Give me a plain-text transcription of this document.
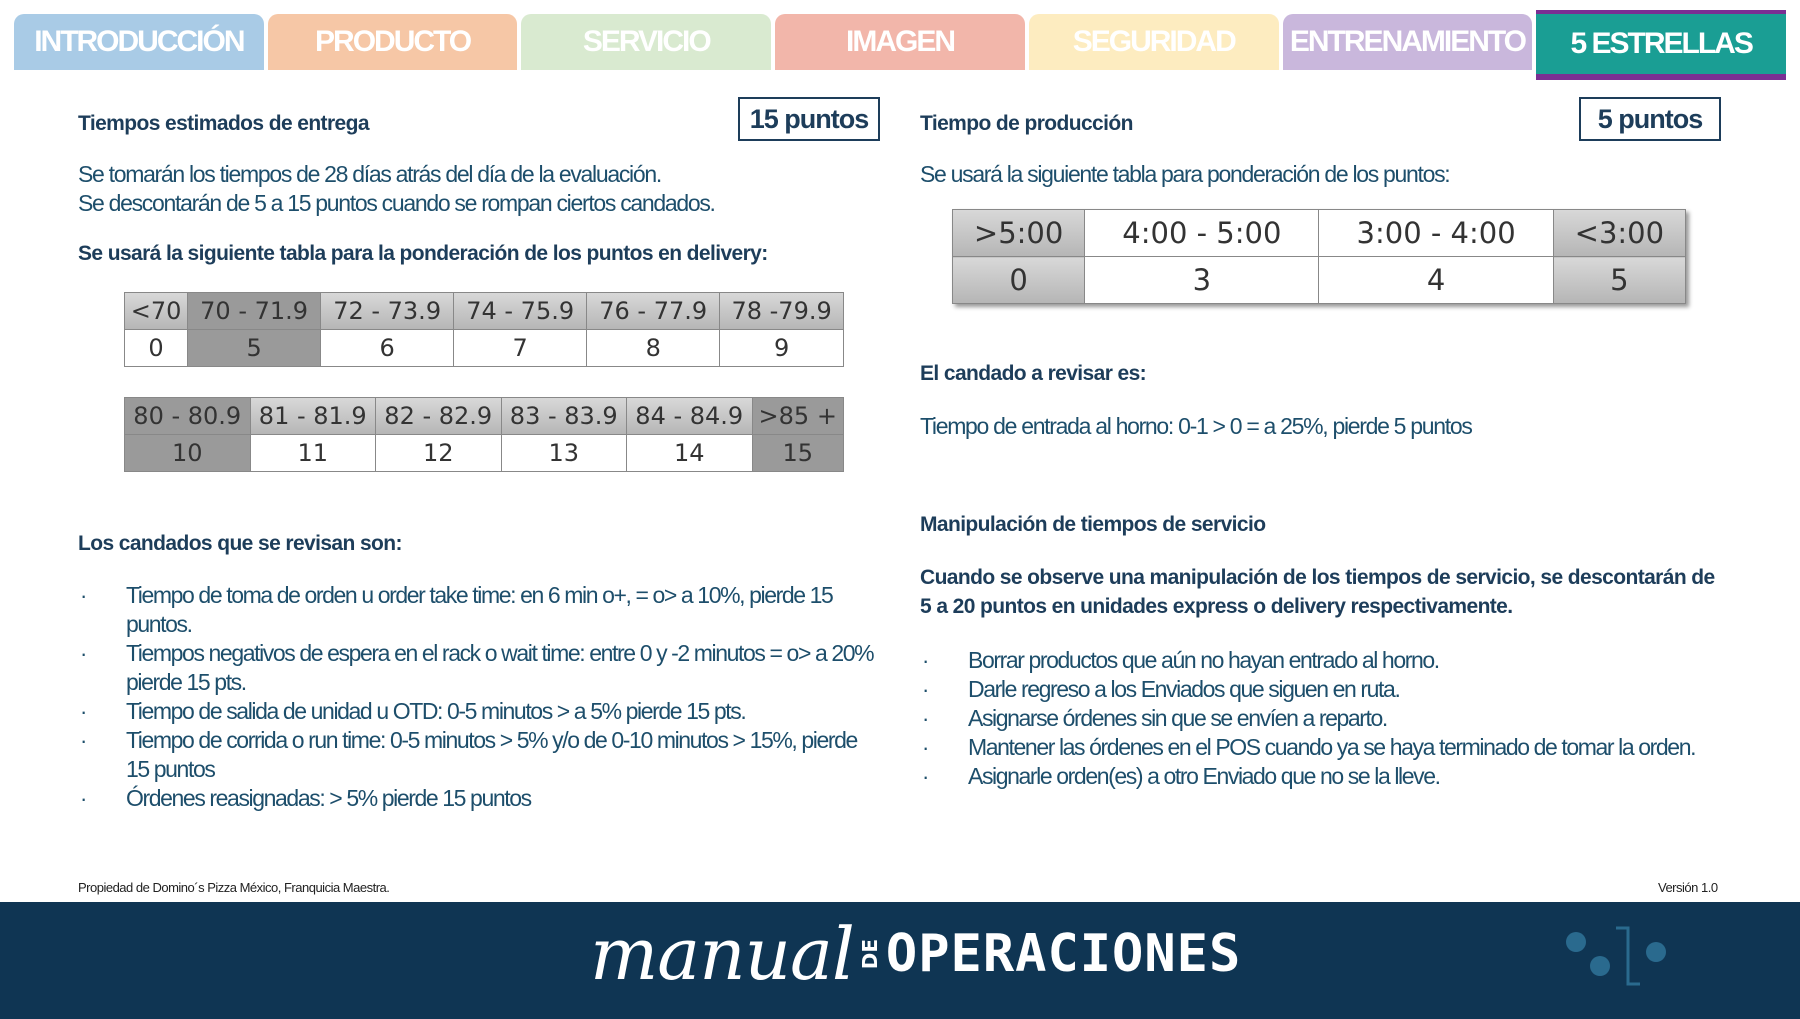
INTRODUCCIÓN	PRODUCTO	SERVICIO	IMAGEN	SEGURIDAD	ENTRENAMIENTO	5 ESTRELLAS
Tiempos estimados de entrega	15 puntos
Se tomarán los tiempos de 28 días atrás del día de la evaluación.
Se descontarán de 5 a 15 puntos cuando se rompan ciertos candados.
Se usará la siguiente tabla para la ponderación de los puntos en delivery:
<70	70 - 71.9	72 - 73.9	74 - 75.9	76 - 77.9	78 -79.9
0	5	6	7	8	9
80 - 80.9	81 - 81.9	82 - 82.9	83 - 83.9	84 - 84.9	>85 +
10	11	12	13	14	15
Los candados que se revisan son:
· Tiempo de toma de orden u order take time: en 6 min o+, = o> a 10%, pierde 15 puntos.
· Tiempos negativos de espera en el rack o wait time: entre 0 y -2 minutos = o> a 20% pierde 15 pts.
· Tiempo de salida de unidad u OTD: 0-5 minutos > a 5% pierde 15 pts.
· Tiempo de corrida o run time: 0-5 minutos > 5% y/o de 0-10 minutos > 15%, pierde 15 puntos
· Órdenes reasignadas: > 5% pierde 15 puntos
Tiempo de producción	5 puntos
Se usará la siguiente tabla para ponderación de los puntos:
>5:00	4:00 - 5:00	3:00 - 4:00	<3:00
0	3	4	5
El candado a revisar es:
Tiempo de entrada al horno: 0-1 > 0 = a 25%, pierde 5 puntos
Manipulación de tiempos de servicio
Cuando se observe una manipulación de los tiempos de servicio, se descontarán de 5 a 20 puntos en unidades express o delivery respectivamente.
· Borrar productos que aún no hayan entrado al horno.
· Darle regreso a los Enviados que siguen en ruta.
· Asignarse órdenes sin que se envíen a reparto.
· Mantener las órdenes en el POS cuando ya se haya terminado de tomar la orden.
· Asignarle orden(es) a otro Enviado que no se la lleve.
Propiedad de Domino´s Pizza México, Franquicia Maestra.	Versión 1.0
manual DE OPERACIONES
